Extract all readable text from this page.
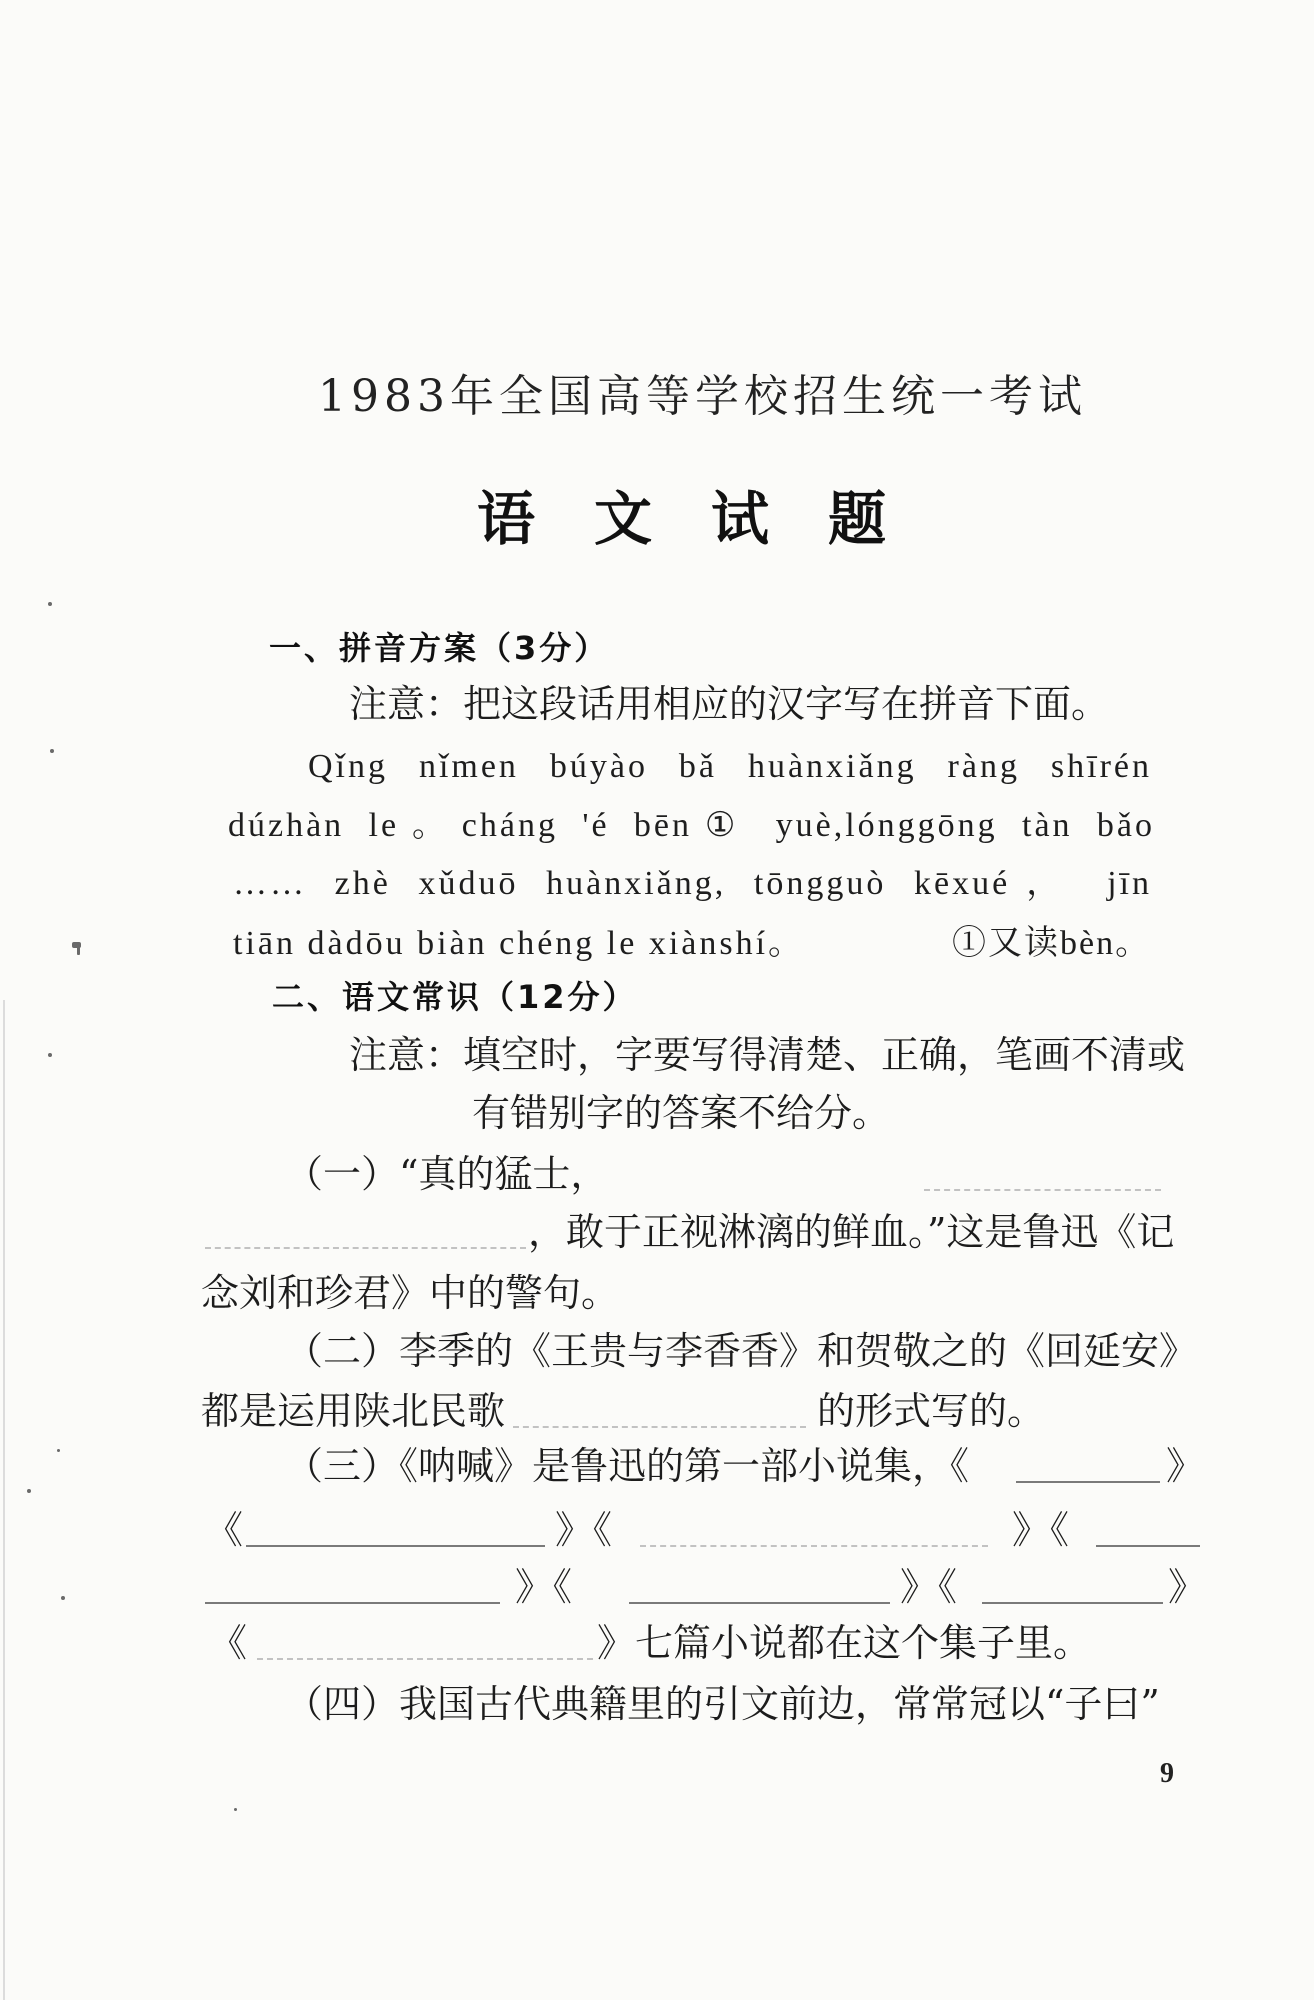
1983年全国高等学校招生统一考试
语文试题
一、拼音方案（3分）
注意：把这段话用相应的汉字写在拼音下面。
Qǐng nǐmen búyào bǎ huànxiǎng ràng shīrén
dúzhàn le。cháng 'é bēn① yuè,lónggōng tàn bǎo
…… zhè xǔduō huànxiǎng, tōngguò kēxué， jīn
tiān dàdōu biàn chéng le xiànshí。	①又读bèn。
二、语文常识（12分）
注意：填空时，字要写得清楚、正确，笔画不清或
有错别字的答案不给分。
（一）“真的猛士，
，敢于正视淋漓的鲜血。”这是鲁迅《记
念刘和珍君》中的警句。
（二）李季的《王贵与李香香》和贺敬之的《回延安》
都是运用陕北民歌	的形式写的。
（三）《呐喊》是鲁迅的第一部小说集，《	》
《	》《	》《
》《	》《	》
《	》七篇小说都在这个集子里。
（四）我国古代典籍里的引文前边，常常冠以“子曰”
9
